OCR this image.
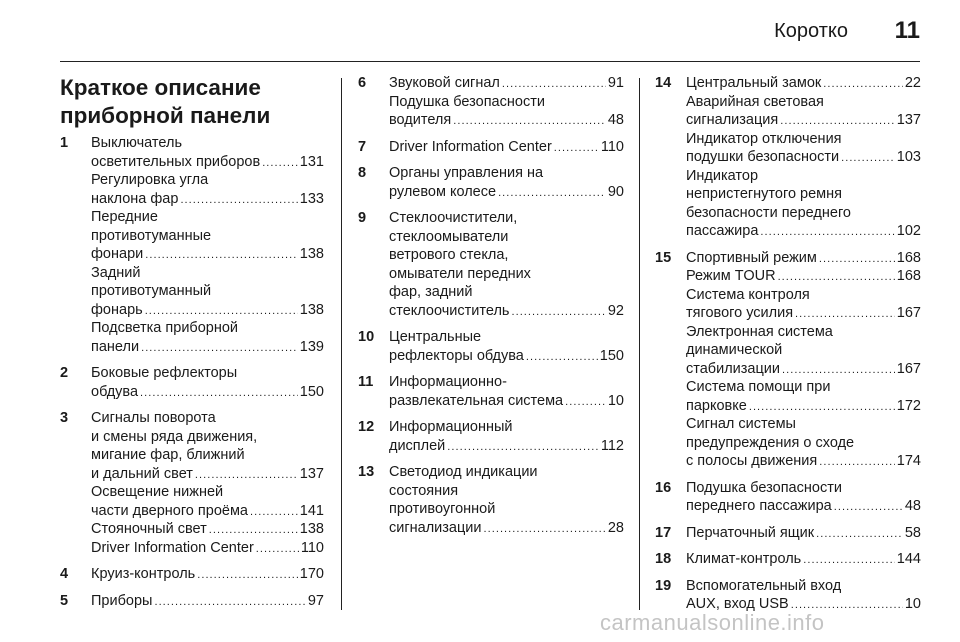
Коротко 11
Краткое описание
приборной панели
1	Выключатель
осветительных приборов . . .	131
Регулировка угла
наклона фар . . .	133
Передние
противотуманные
фонари . . .	138
Задний
противотуманный
фонарь . . .	138
Подсветка приборной
панели . . .	139
2	Боковые рефлекторы
обдува . . .	150
3	Сигналы поворота
и смены ряда движения,
мигание фар, ближний
и дальний свет . . .	137
Освещение нижней
части дверного проёма . . .	141
Стояночный свет . . .	138
Driver Information Center . . .	110
4	Круиз-контроль . . .	170
5	Приборы . . .	97
6	Звуковой сигнал . . .	91
Подушка безопасности
водителя . . .	48
7	Driver Information Center . . .	110
8	Органы управления на
рулевом колесе . . .	90
9	Стеклоочистители,
стеклоомыватели
ветрового стекла,
омыватели передних
фар, задний
стеклоочиститель . . .	92
10	Центральные
рефлекторы обдува . . .	150
11	Информационно-
развлекательная система . . .	10
12	Информационный
дисплей . . .	112
13	Светодиод индикации
состояния
противоугонной
сигнализации . . .	28
14	Центральный замок . . .	22
Аварийная световая
сигнализация . . .	137
Индикатор отключения
подушки безопасности . . .	103
Индикатор
непристегнутого ремня
безопасности переднего
пассажира . . .	102
15	Спортивный режим . . .	168
Режим TOUR . . .	168
Система контроля
тягового усилия . . .	167
Электронная система
динамической
стабилизации . . .	167
Система помощи при
парковке . . .	172
Сигнал системы
предупреждения о сходе
с полосы движения . . .	174
16	Подушка безопасности
переднего пассажира . . .	48
17	Перчаточный ящик . . .	58
18	Климат-контроль . . .	144
19	Вспомогательный вход
AUX, вход USB . . .	10
carmanualsonline.info
